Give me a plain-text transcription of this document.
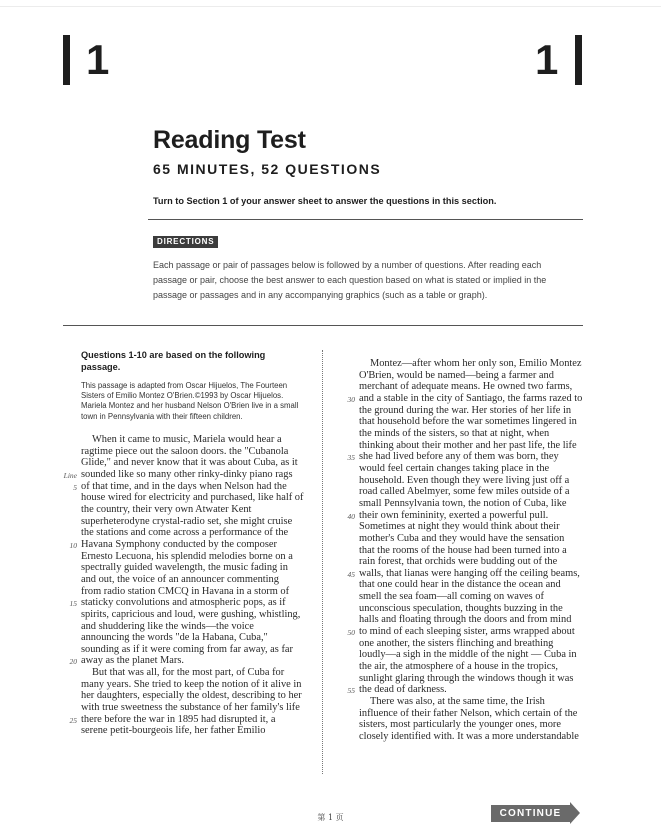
1	1
Reading Test
65 MINUTES, 52 QUESTIONS
Turn to Section 1 of your answer sheet to answer the questions in this section.
DIRECTIONS
Each passage or pair of passages below is followed by a number of questions. After reading each passage or pair, choose the best answer to each question based on what is stated or implied in the passage or passages and in any accompanying graphics (such as a table or graph).
Questions 1-10 are based on the following passage.
This passage is adapted from Oscar Hijuelos, The Fourteen Sisters of Emilio Montez O'Brien.©1993 by Oscar Hijuelos. Mariela Montez and her husband Nelson O'Brien live in a small town in Pennsylvania with their fifteen children.
When it came to music, Mariela would hear a
ragtime piece out the saloon doors. the "Cubanola
Glide," and never know that it was about Cuba, as it
Line sounded like so many other rinky-dinky piano rags
5 of that time, and in the days when Nelson had the
house wired for electricity and purchased, like half of
the country, their very own Atwater Kent
superheterodyne crystal-radio set, she might cruise
the stations and come across a performance of the
10 Havana Symphony conducted by the composer
Ernesto Lecuona, his splendid melodies borne on a
spectrally guided wavelength, the music fading in
and out, the voice of an announcer commenting
from radio station CMCQ in Havana in a storm of
15 staticky convolutions and atmospheric pops, as if
spirits, capricious and loud, were gushing, whistling,
and shuddering like the winds—the voice
announcing the words "de la Habana, Cuba,"
sounding as if it were coming from far away, as far
20 away as the planet Mars.
But that was all, for the most part, of Cuba for
many years. She tried to keep the notion of it alive in
her daughters, especially the oldest, describing to her
with true sweetness the substance of her family's life
25 there before the war in 1895 had disrupted it, a
serene petit-bourgeois life, her father Emilio
Montez—after whom her only son, Emilio Montez
O'Brien, would be named—being a farmer and
merchant of adequate means. He owned two farms,
30 and a stable in the city of Santiago, the farms razed to
the ground during the war. Her stories of her life in
that household before the war sometimes lingered in
the minds of the sisters, so that at night, when
thinking about their mother and her past life, the life
35 she had lived before any of them was born, they
would feel certain changes taking place in the
household. Even though they were living just off a
road called Abelmyer, some few miles outside of a
small Pennsylvania town, the notion of Cuba, like
40 their own femininity, exerted a powerful pull.
Sometimes at night they would think about their
mother's Cuba and they would have the sensation
that the rooms of the house had been turned into a
rain forest, that orchids were budding out of the
45 walls, that lianas were hanging off the ceiling beams,
that one could hear in the distance the ocean and
smell the sea foam—all coming on waves of
unconscious speculation, thoughts buzzing in the
halls and floating through the doors and from mind
50 to mind of each sleeping sister, arms wrapped about
one another, the sisters flinching and breathing
loudly—a sigh in the middle of the night — Cuba in
the air, the atmosphere of a house in the tropics,
sunlight glaring through the windows though it was
55 the dead of darkness.
There was also, at the same time, the Irish
influence of their father Nelson, which certain of the
sisters, most particularly the younger ones, more
closely identified with. It was a more understandable
第 1 页	CONTINUE
